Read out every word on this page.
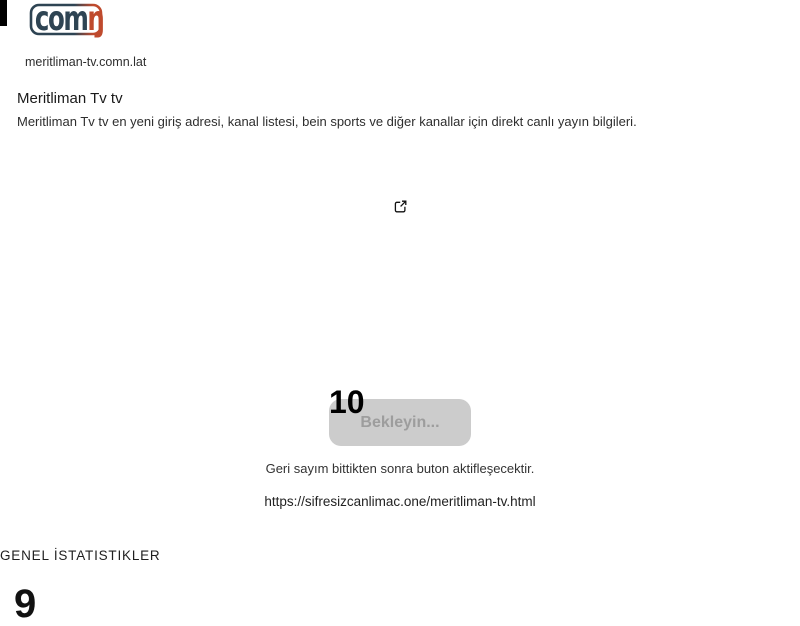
comŋ
meritliman-tv.comn.lat
Meritliman Tv tv

Meritliman Tv tv en yeni giriş adresi, kanal listesi, bein sports ve diğer kanallar için direkt canlı yayın bilgileri.

Bekleyin...
10
Geri sayım bittikten sonra buton aktifleşecektir.
https://sifresizcanlimac.one/meritliman-tv.html
GENEL İSTATISTIKLER
9
